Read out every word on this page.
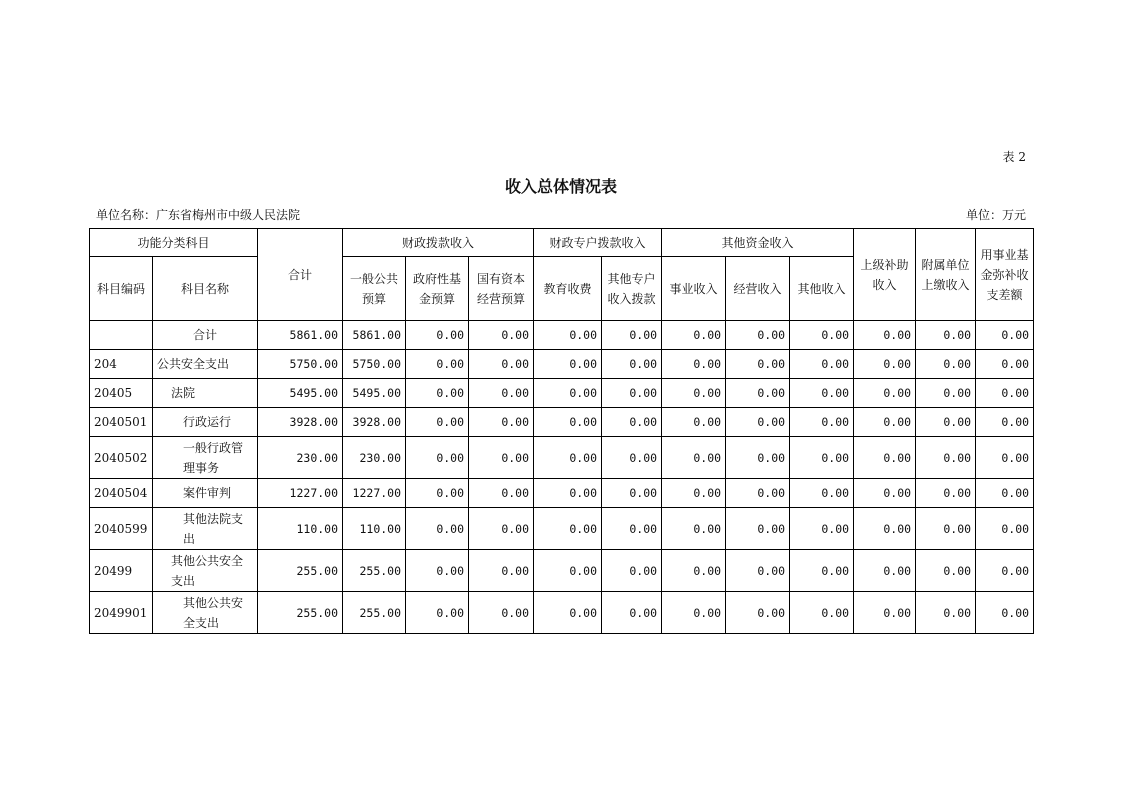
表 2
收入总体情况表
单位名称：广东省梅州市中级人民法院	单位：万元
功能分类科目		合计	财政拨款收入			财政专户拨款收入		其他资金收入			上级补助收入	附属单位上缴收入	用事业基金弥补收支差额
科目编码	科目名称		一般公共预算	政府性基金预算	国有资本经营预算	教育收费	其他专户收入拨款	事业收入	经营收入	其他收入			
	合计	5861.00	5861.00	0.00	0.00	0.00	0.00	0.00	0.00	0.00	0.00	0.00	0.00
204	公共安全支出	5750.00	5750.00	0.00	0.00	0.00	0.00	0.00	0.00	0.00	0.00	0.00	0.00
20405	法院	5495.00	5495.00	0.00	0.00	0.00	0.00	0.00	0.00	0.00	0.00	0.00	0.00
2040501	行政运行	3928.00	3928.00	0.00	0.00	0.00	0.00	0.00	0.00	0.00	0.00	0.00	0.00
2040502	一般行政管理事务	230.00	230.00	0.00	0.00	0.00	0.00	0.00	0.00	0.00	0.00	0.00	0.00
2040504	案件审判	1227.00	1227.00	0.00	0.00	0.00	0.00	0.00	0.00	0.00	0.00	0.00	0.00
2040599	其他法院支出	110.00	110.00	0.00	0.00	0.00	0.00	0.00	0.00	0.00	0.00	0.00	0.00
20499	其他公共安全支出	255.00	255.00	0.00	0.00	0.00	0.00	0.00	0.00	0.00	0.00	0.00	0.00
2049901	其他公共安全支出	255.00	255.00	0.00	0.00	0.00	0.00	0.00	0.00	0.00	0.00	0.00	0.00
